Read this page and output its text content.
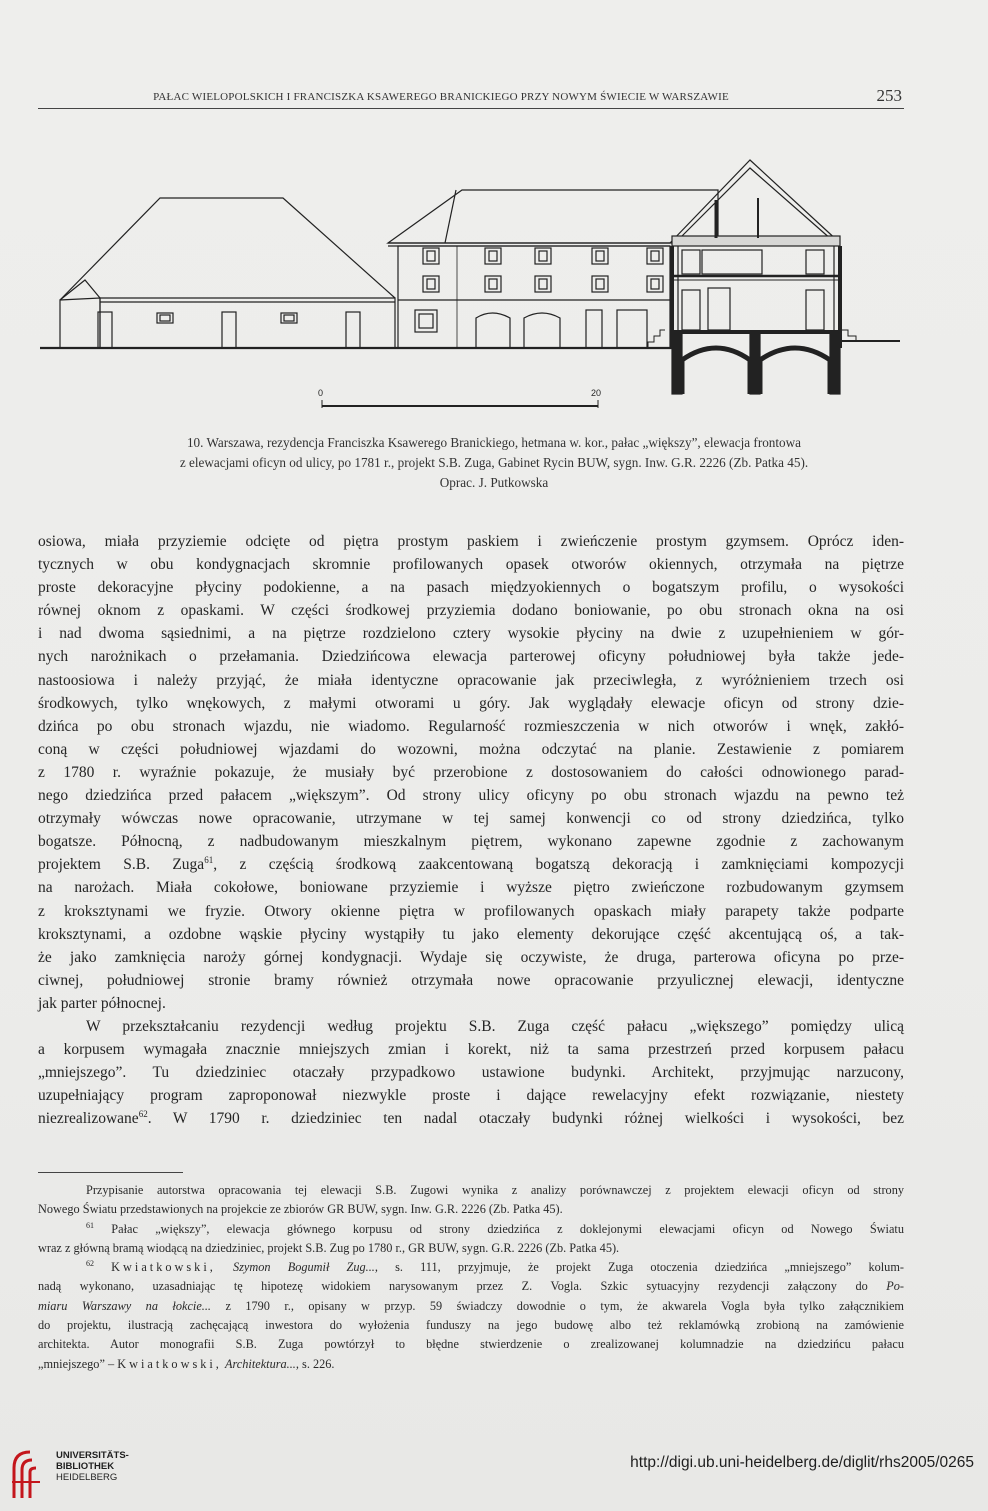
PAŁAC WIELOPOLSKICH I FRANCISZKA KSAWEREGO BRANICKIEGO PRZY NOWYM ŚWIECIE W WARSZAWIE	253
0	20
10. Warszawa, rezydencja Franciszka Ksawerego Branickiego, hetmana w. kor., pałac „większy”, elewacja frontowa
z elewacjami oficyn od ulicy, po 1781 r., projekt S.B. Zuga, Gabinet Rycin BUW, sygn. Inw. G.R. 2226 (Zb. Patka 45).
Oprac. J. Putkowska
osiowa, miała przyziemie odcięte od piętra prostym paskiem i zwieńczenie prostym gzymsem. Oprócz iden-
tycznych w obu kondygnacjach skromnie profilowanych opasek otworów okiennych, otrzymała na piętrze
proste dekoracyjne płyciny podokienne, a na pasach międzyokiennych o bogatszym profilu, o wysokości
równej oknom z opaskami. W części środkowej przyziemia dodano boniowanie, po obu stronach okna na osi
i nad dwoma sąsiednimi, a na piętrze rozdzielono cztery wysokie płyciny na dwie z uzupełnieniem w gór-
nych narożnikach o przełamania. Dziedzińcowa elewacja parterowej oficyny południowej była także jede-
nastoosiowa i należy przyjąć, że miała identyczne opracowanie jak przeciwległa, z wyróżnieniem trzech osi
środkowych, tylko wnękowych, z małymi otworami u góry. Jak wyglądały elewacje oficyn od strony dzie-
dzińca po obu stronach wjazdu, nie wiadomo. Regularność rozmieszczenia w nich otworów i wnęk, zakłó-
coną w części południowej wjazdami do wozowni, można odczytać na planie. Zestawienie z pomiarem
z 1780 r. wyraźnie pokazuje, że musiały być przerobione z dostosowaniem do całości odnowionego parad-
nego dziedzińca przed pałacem „większym”. Od strony ulicy oficyny po obu stronach wjazdu na pewno też
otrzymały wówczas nowe opracowanie, utrzymane w tej samej konwencji co od strony dziedzińca, tylko
bogatsze. Północną, z nadbudowanym mieszkalnym piętrem, wykonano zapewne zgodnie z zachowanym
projektem S.B. Zuga$^{61}$, z częścią środkową zaakcentowaną bogatszą dekoracją i zamknięciami kompozycji
na narożach. Miała cokołowe, boniowane przyziemie i wyższe piętro zwieńczone rozbudowanym gzymsem
z kroksztynami we fryzie. Otwory okienne piętra w profilowanych opaskach miały parapety także podparte
kroksztynami, a ozdobne wąskie płyciny wystąpiły tu jako elementy dekorujące część akcentującą oś, a tak-
że jako zamknięcia naroży górnej kondygnacji. Wydaje się oczywiste, że druga, parterowa oficyna po prze-
ciwnej, południowej stronie bramy również otrzymała nowe opracowanie przyulicznej elewacji, identyczne
jak parter północnej.
W przekształcaniu rezydencji według projektu S.B. Zuga część pałacu „większego” pomiędzy ulicą
a korpusem wymagała znacznie mniejszych zmian i korekt, niż ta sama przestrzeń przed korpusem pałacu
„mniejszego”. Tu dziedziniec otaczały przypadkowo ustawione budynki. Architekt, przyjmując narzucony,
uzupełniający program zaproponował niezwykle proste i dające rewelacyjny efekt rozwiązanie, niestety
niezrealizowane$^{62}$. W 1790 r. dziedziniec ten nadal otaczały budynki różnej wielkości i wysokości, bez
Przypisanie autorstwa opracowania tej elewacji S.B. Zugowi wynika z analizy porównawczej z projektem elewacji oficyn od strony
Nowego Światu przedstawionych na projekcie ze zbiorów GR BUW, sygn. Inw. G.R. 2226 (Zb. Patka 45).
$^{61}$ Pałac „większy”, elewacja głównego korpusu od strony dziedzińca z doklejonymi elewacjami oficyn od Nowego Światu
wraz z główną bramą wiodącą na dziedziniec, projekt S.B. Zug po 1780 r., GR BUW, sygn. G.R. 2226 (Zb. Patka 45).
$^{62}$ Kwiatkowski, Szymon Bogumił Zug..., s. 111, przyjmuje, że projekt Zuga otoczenia dziedzińca „mniejszego” kolum-
nadą wykonano, uzasadniając tę hipotezę widokiem narysowanym przez Z. Vogla. Szkic sytuacyjny rezydencji załączony do Po-
miaru Warszawy na łokcie... z 1790 r., opisany w przyp. 59 świadczy dowodnie o tym, że akwarela Vogla była tylko załącznikiem
do projektu, ilustracją zachęcającą inwestora do wyłożenia funduszy na jego budowę albo też reklamówką zrobioną na zamówienie
architekta. Autor monografii S.B. Zuga powtórzył to błędne stwierdzenie o zrealizowanej kolumnadzie na dziedzińcu pałacu
„mniejszego” – Kwiatkowski, Architektura..., s. 226.
UNIVERSITÄTS-
BIBLIOTHEK
HEIDELBERG
http://digi.ub.uni-heidelberg.de/diglit/rhs2005/0265
